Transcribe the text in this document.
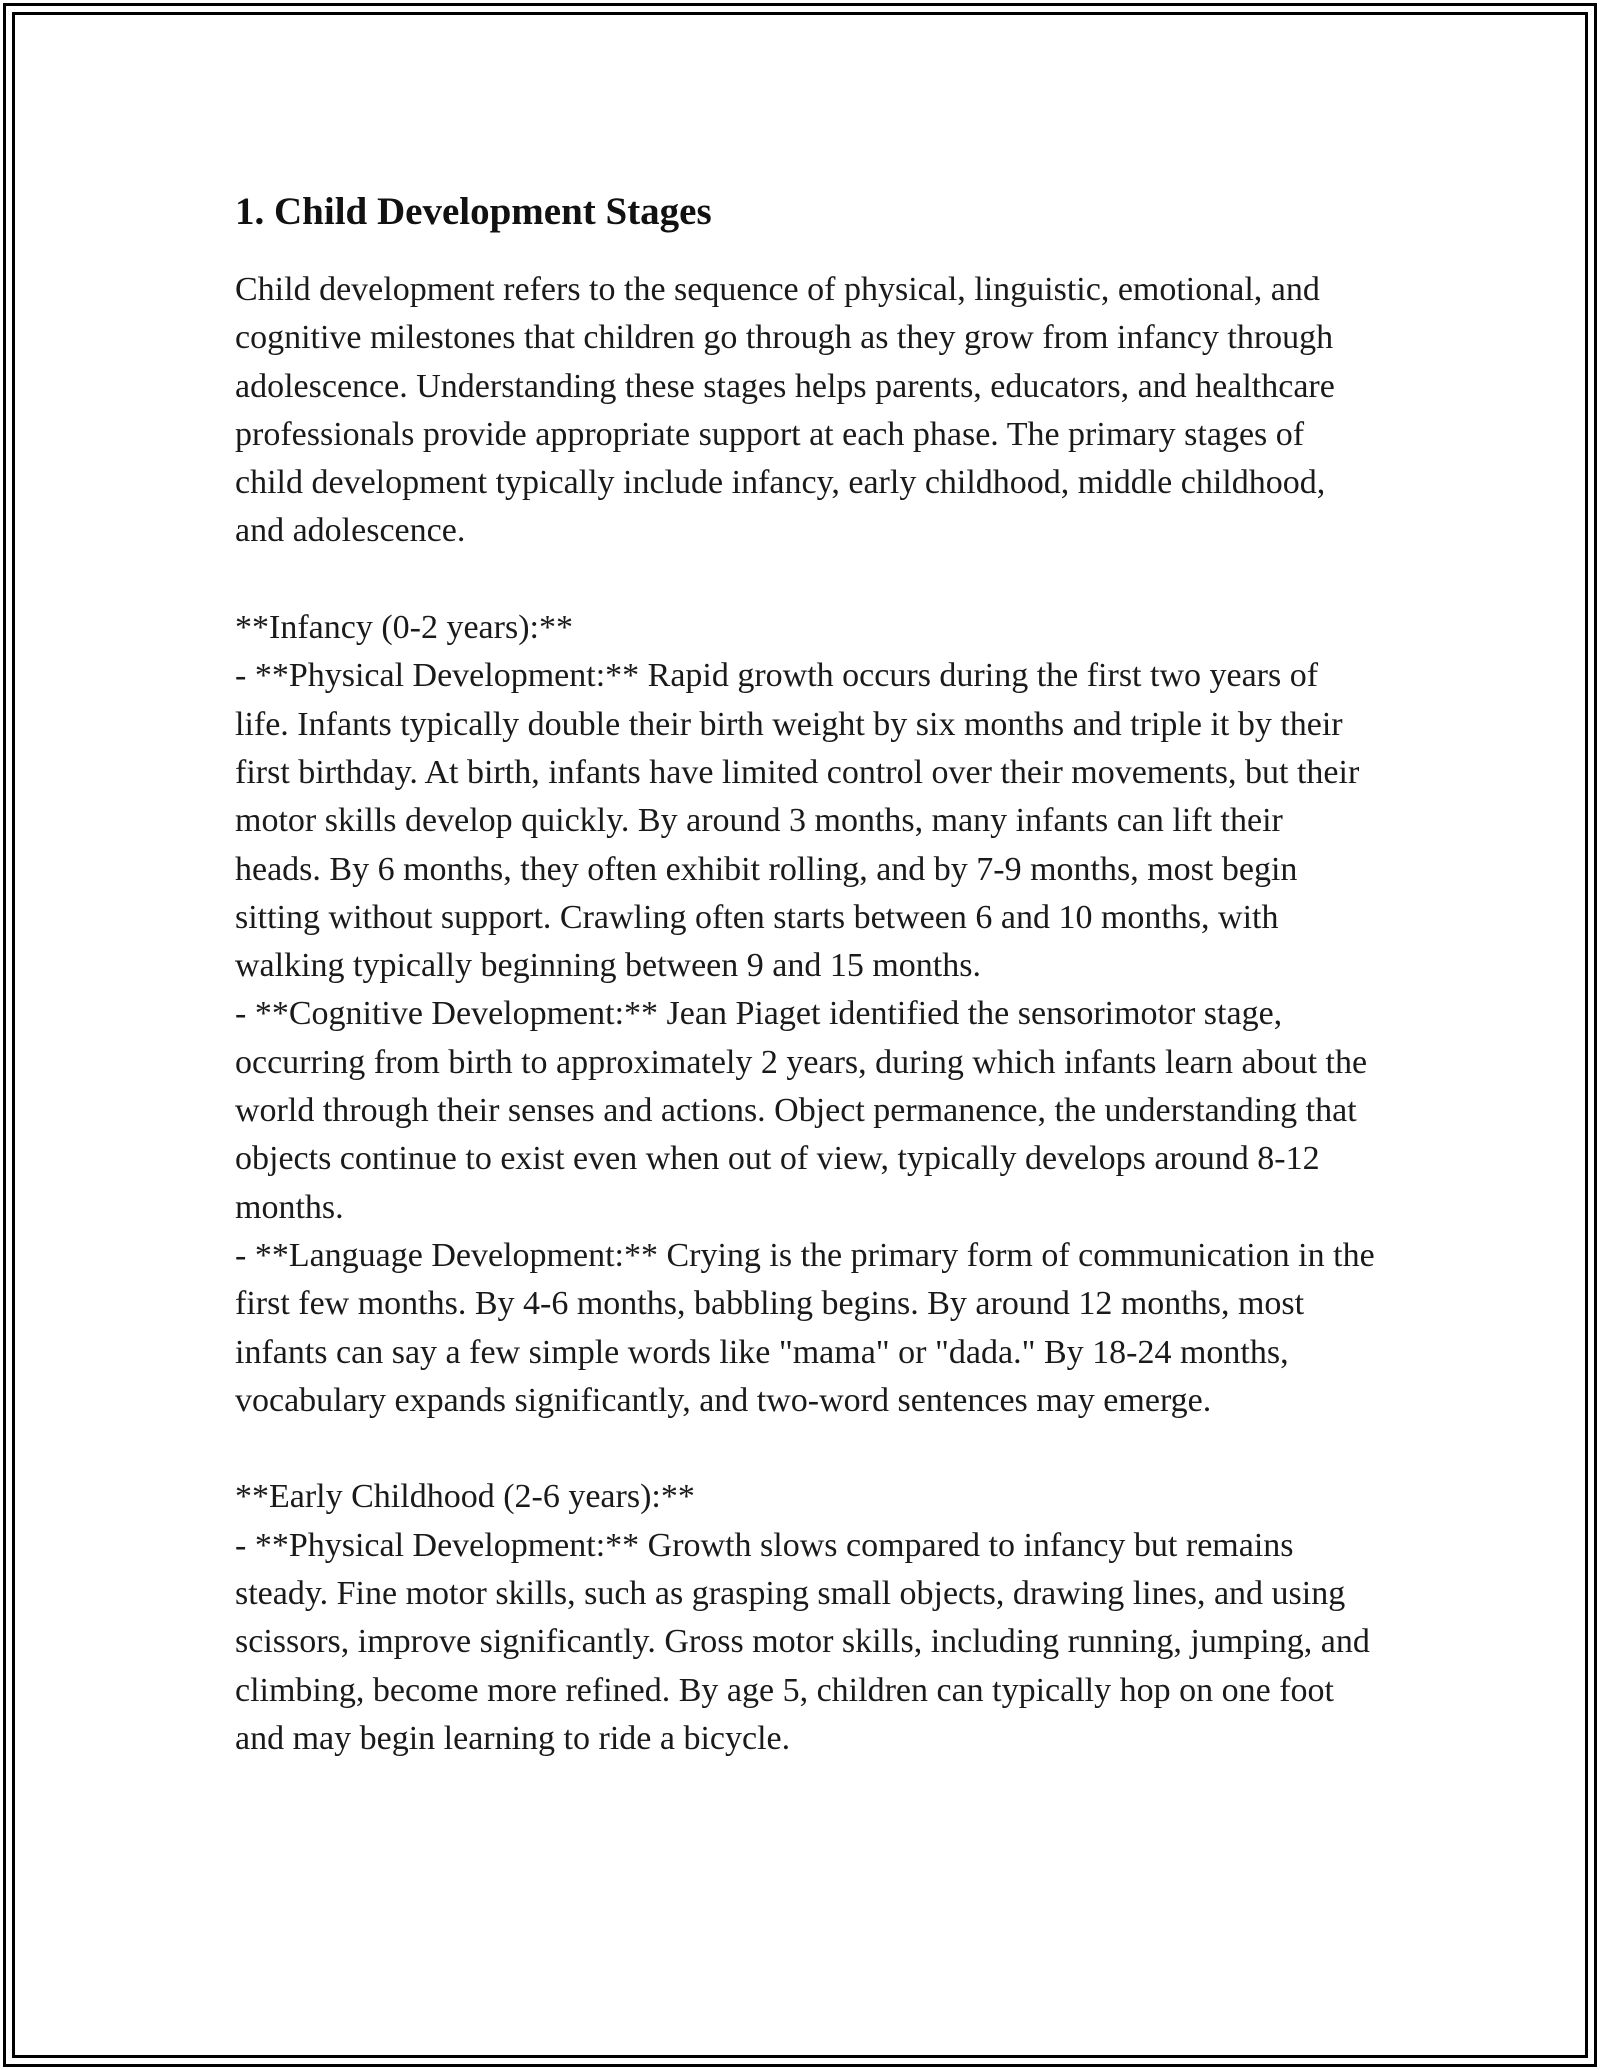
1. Child Development Stages

Child development refers to the sequence of physical, linguistic, emotional, and cognitive milestones that children go through as they grow from infancy through adolescence. Understanding these stages helps parents, educators, and healthcare professionals provide appropriate support at each phase. The primary stages of child development typically include infancy, early childhood, middle childhood, and adolescence.

**Infancy (0-2 years):**

- **Physical Development:** Rapid growth occurs during the first two years of life. Infants typically double their birth weight by six months and triple it by their first birthday. At birth, infants have limited control over their movements, but their motor skills develop quickly. By around 3 months, many infants can lift their heads. By 6 months, they often exhibit rolling, and by 7-9 months, most begin sitting without support. Crawling often starts between 6 and 10 months, with walking typically beginning between 9 and 15 months.

- **Cognitive Development:** Jean Piaget identified the sensorimotor stage, occurring from birth to approximately 2 years, during which infants learn about the world through their senses and actions. Object permanence, the understanding that objects continue to exist even when out of view, typically develops around 8-12 months.

- **Language Development:** Crying is the primary form of communication in the first few months. By 4-6 months, babbling begins. By around 12 months, most infants can say a few simple words like "mama" or "dada." By 18-24 months, vocabulary expands significantly, and two-word sentences may emerge.

**Early Childhood (2-6 years):**

- **Physical Development:** Growth slows compared to infancy but remains steady. Fine motor skills, such as grasping small objects, drawing lines, and using scissors, improve significantly. Gross motor skills, including running, jumping, and climbing, become more refined. By age 5, children can typically hop on one foot and may begin learning to ride a bicycle.
